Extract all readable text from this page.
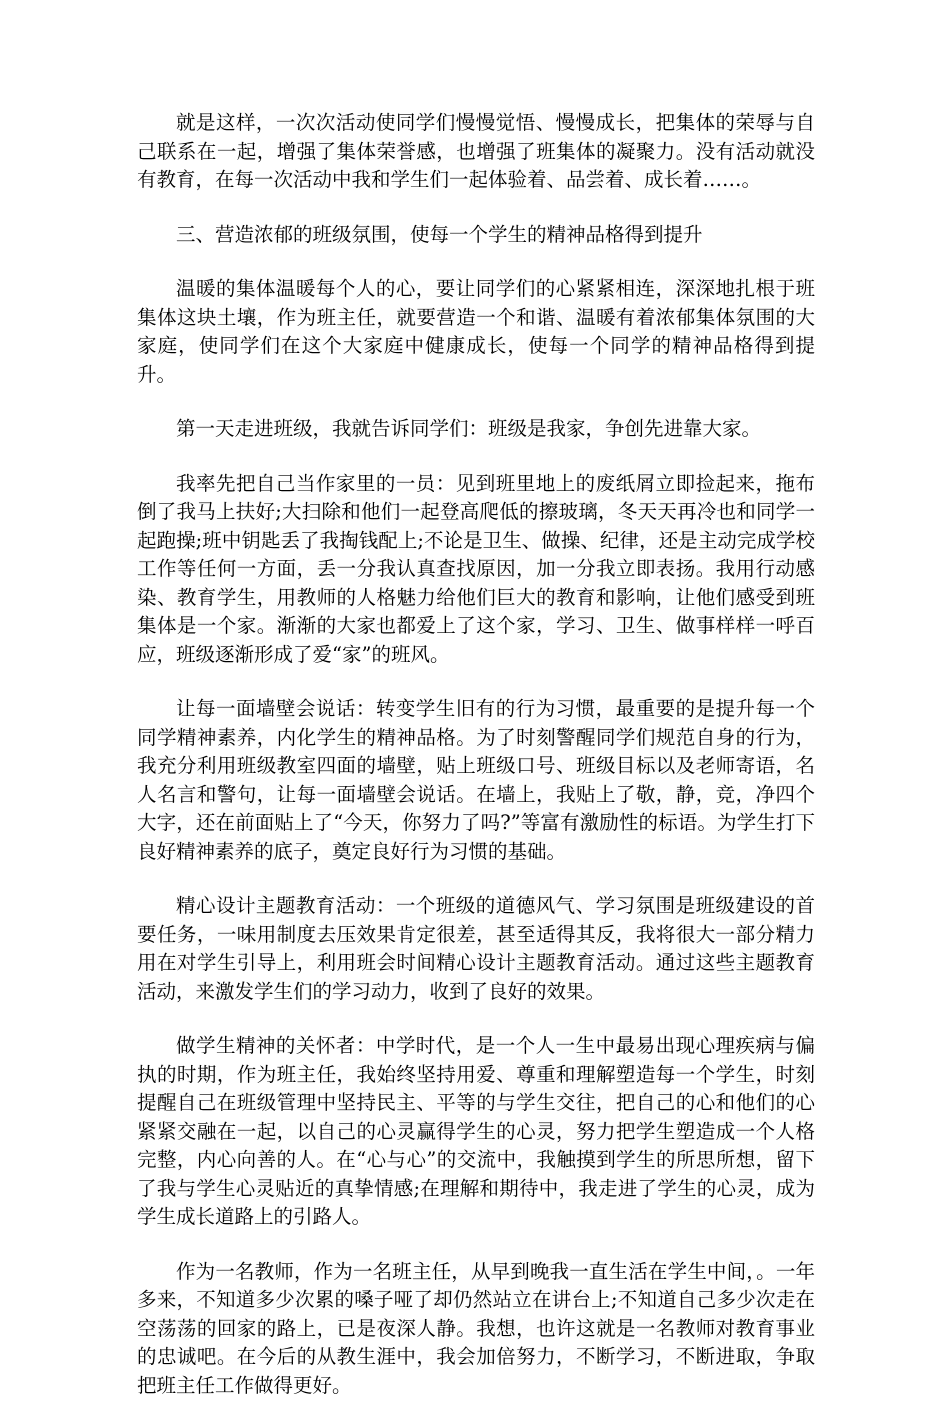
就是这样，一次次活动使同学们慢慢觉悟、慢慢成长，把集体的荣辱与自己联系在一起，增强了集体荣誉感，也增强了班集体的凝聚力。没有活动就没有教育，在每一次活动中我和学生们一起体验着、品尝着、成长着……。

三、营造浓郁的班级氛围，使每一个学生的精神品格得到提升

温暖的集体温暖每个人的心，要让同学们的心紧紧相连，深深地扎根于班集体这块土壤，作为班主任，就要营造一个和谐、温暖有着浓郁集体氛围的大家庭，使同学们在这个大家庭中健康成长，使每一个同学的精神品格得到提升。

第一天走进班级，我就告诉同学们：班级是我家，争创先进靠大家。

我率先把自己当作家里的一员：见到班里地上的废纸屑立即捡起来，拖布倒了我马上扶好;大扫除和他们一起登高爬低的擦玻璃，冬天天再冷也和同学一起跑操;班中钥匙丢了我掏钱配上;不论是卫生、做操、纪律，还是主动完成学校工作等任何一方面，丢一分我认真查找原因，加一分我立即表扬。我用行动感染、教育学生，用教师的人格魅力给他们巨大的教育和影响，让他们感受到班集体是一个家。渐渐的大家也都爱上了这个家，学习、卫生、做事样样一呼百应，班级逐渐形成了爱“家”的班风。

让每一面墙壁会说话：转变学生旧有的行为习惯，最重要的是提升每一个同学精神素养，内化学生的精神品格。为了时刻警醒同学们规范自身的行为，我充分利用班级教室四面的墙壁，贴上班级口号、班级目标以及老师寄语，名人名言和警句，让每一面墙壁会说话。在墙上，我贴上了敬，静，竞，净四个大字，还在前面贴上了“今天，你努力了吗?”等富有激励性的标语。为学生打下良好精神素养的底子，奠定良好行为习惯的基础。

精心设计主题教育活动：一个班级的道德风气、学习氛围是班级建设的首要任务，一味用制度去压效果肯定很差，甚至适得其反，我将很大一部分精力用在对学生引导上，利用班会时间精心设计主题教育活动。通过这些主题教育活动，来激发学生们的学习动力，收到了良好的效果。

做学生精神的关怀者：中学时代，是一个人一生中最易出现心理疾病与偏执的时期，作为班主任，我始终坚持用爱、尊重和理解塑造每一个学生，时刻提醒自己在班级管理中坚持民主、平等的与学生交往，把自己的心和他们的心紧紧交融在一起，以自己的心灵赢得学生的心灵，努力把学生塑造成一个人格完整，内心向善的人。在“心与心”的交流中，我触摸到学生的所思所想，留下了我与学生心灵贴近的真挚情感;在理解和期待中，我走进了学生的心灵，成为学生成长道路上的引路人。

作为一名教师，作为一名班主任，从早到晚我一直生活在学生中间，。一年多来，不知道多少次累的嗓子哑了却仍然站立在讲台上;不知道自己多少次走在空荡荡的回家的路上，已是夜深人静。我想，也许这就是一名教师对教育事业的忠诚吧。在今后的从教生涯中，我会加倍努力，不断学习，不断进取，争取把班主任工作做得更好。
